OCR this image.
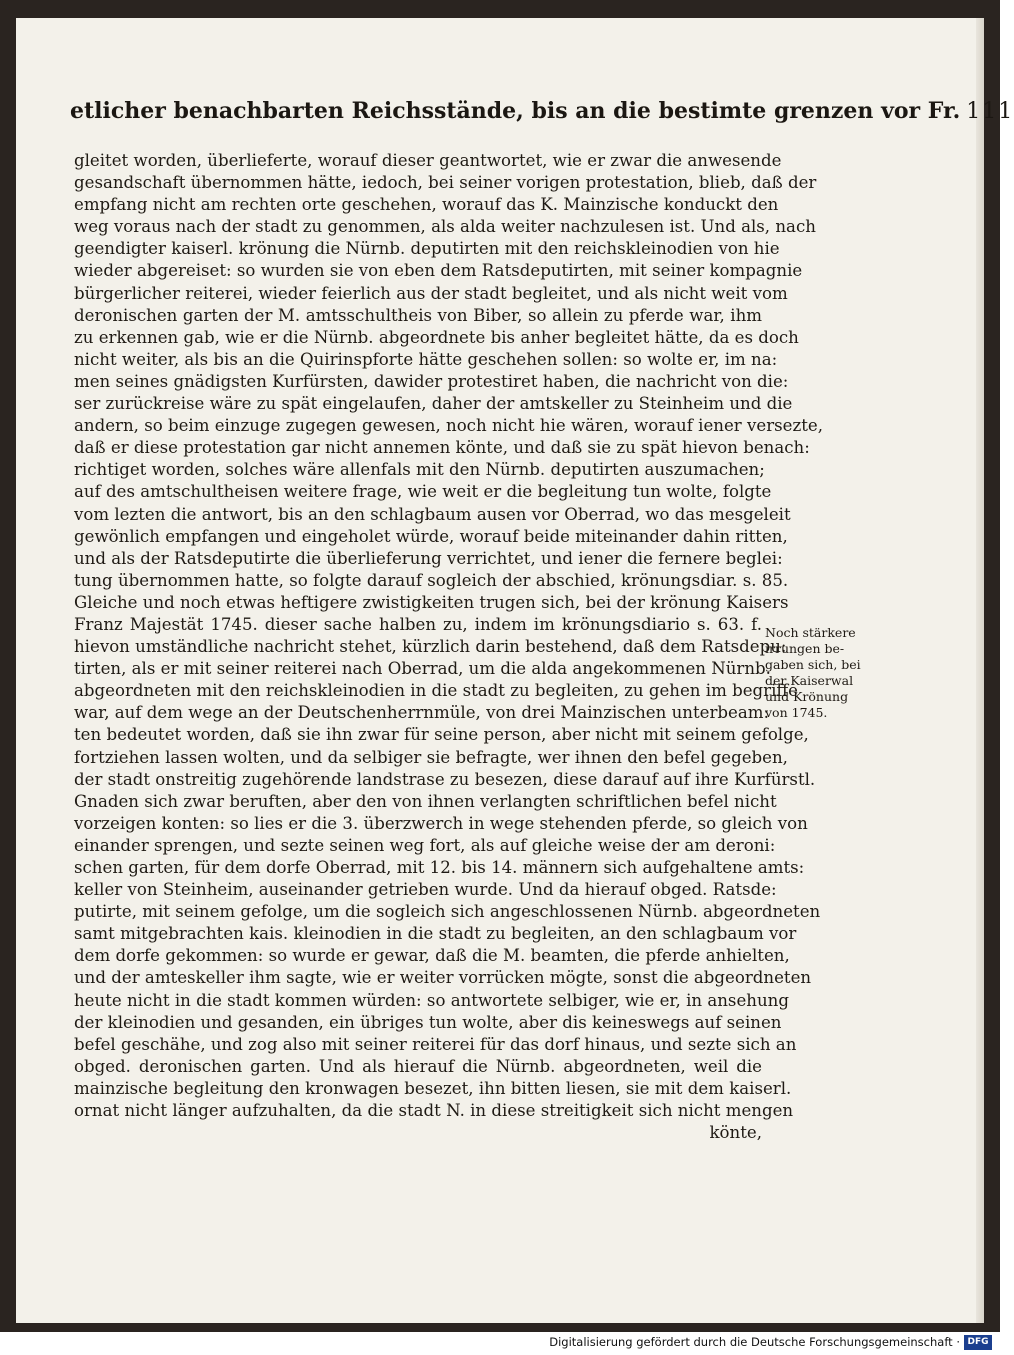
etlicher benachbarten Reichsstände, bis an die bestimte grenzen vor Fr. 111
gleitet worden, überlieferte, worauf dieser geantwortet, wie er zwar die anwesende
gesandschaft übernommen hätte, iedoch, bei seiner vorigen protestation, blieb, daß der
empfang nicht am rechten orte geschehen, worauf das K. Mainzische konduckt den
weg voraus nach der stadt zu genommen, als alda weiter nachzulesen ist. Und als, nach
geendigter kaiserl. krönung die Nürnb. deputirten mit den reichskleinodien von hie
wieder abgereiset: so wurden sie von eben dem Ratsdeputirten, mit seiner kompagnie
bürgerlicher reiterei, wieder feierlich aus der stadt begleitet, und als nicht weit vom
deronischen garten der M. amtsschultheis von Biber, so allein zu pferde war, ihm
zu erkennen gab, wie er die Nürnb. abgeordnete bis anher begleitet hätte, da es doch
nicht weiter, als bis an die Quirinspforte hätte geschehen sollen: so wolte er, im na:
men seines gnädigsten Kurfürsten, dawider protestiret haben, die nachricht von die:
ser zurückreise wäre zu spät eingelaufen, daher der amtskeller zu Steinheim und die
andern, so beim einzuge zugegen gewesen, noch nicht hie wären, worauf iener versezte,
daß er diese protestation gar nicht annemen könte, und daß sie zu spät hievon benach:
richtiget worden, solches wäre allenfals mit den Nürnb. deputirten auszumachen;
auf des amtschultheisen weitere frage, wie weit er die begleitung tun wolte, folgte
vom lezten die antwort, bis an den schlagbaum ausen vor Oberrad, wo das mesgeleit
gewönlich empfangen und eingeholet würde, worauf beide miteinander dahin ritten,
und als der Ratsdeputirte die überlieferung verrichtet, und iener die fernere beglei:
tung übernommen hatte, so folgte darauf sogleich der abschied, krönungsdiar. s. 85.
Gleiche und noch etwas heftigere zwistigkeiten trugen sich, bei der krönung Kaisers
Franz Majestät 1745. dieser sache halben zu, indem im krönungsdiario s. 63. f.
hievon umständliche nachricht stehet, kürzlich darin bestehend, daß dem Ratsdepu:
tirten, als er mit seiner reiterei nach Oberrad, um die alda angekommenen Nürnb.
abgeordneten mit den reichskleinodien in die stadt zu begleiten, zu gehen im begriffe
war, auf dem wege an der Deutschenherrnmüle, von drei Mainzischen unterbeam:
ten bedeutet worden, daß sie ihn zwar für seine person, aber nicht mit seinem gefolge,
fortziehen lassen wolten, und da selbiger sie befragte, wer ihnen den befel gegeben,
der stadt onstreitig zugehörende landstrase zu besezen, diese darauf auf ihre Kurfürstl.
Gnaden sich zwar beruften, aber den von ihnen verlangten schriftlichen befel nicht
vorzeigen konten: so lies er die 3. überzwerch in wege stehenden pferde, so gleich von
einander sprengen, und sezte seinen weg fort, als auf gleiche weise der am deroni:
schen garten, für dem dorfe Oberrad, mit 12. bis 14. männern sich aufgehaltene amts:
keller von Steinheim, auseinander getrieben wurde. Und da hierauf obged. Ratsde:
putirte, mit seinem gefolge, um die sogleich sich angeschlossenen Nürnb. abgeordneten
samt mitgebrachten kais. kleinodien in die stadt zu begleiten, an den schlagbaum vor
dem dorfe gekommen: so wurde er gewar, daß die M. beamten, die pferde anhielten,
und der amteskeller ihm sagte, wie er weiter vorrücken mögte, sonst die abgeordneten
heute nicht in die stadt kommen würden: so antwortete selbiger, wie er, in ansehung
der kleinodien und gesanden, ein übriges tun wolte, aber dis keineswegs auf seinen
befel geschähe, und zog also mit seiner reiterei für das dorf hinaus, und sezte sich an
obged. deronischen garten. Und als hierauf die Nürnb. abgeordneten, weil die
mainzische begleitung den kronwagen besezet, ihn bitten liesen, sie mit dem kaiserl.
ornat nicht länger aufzuhalten, da die stadt N. in diese streitigkeit sich nicht mengen
könte,
Noch stärkere
irrungen be-
gaben sich, bei
der Kaiserwal
und Krönung
von 1745.
Digitalisierung gefördert durch die Deutsche Forschungsgemeinschaft · DFG
